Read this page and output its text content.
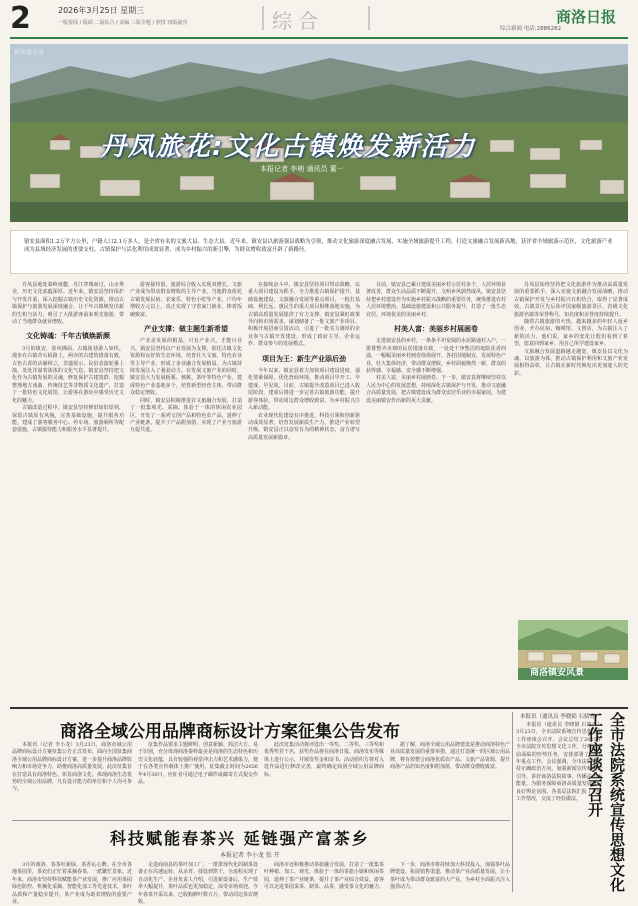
2	2026年3月25日 星期三
一版要闻 / 版面 二版综合 / 责编 三版专题 / 照排 四版副刊	综合	综合新闻 电话:2886282
商洛日报
镇安县全景
丹凤旅花:文化古镇焕发新活力
本报记者 李萌 通讯员 董一
镇安县面积1.2万平方公里，户籍人口2.1万多人，是全省有名的文旅大县、生态大县。近年来，镇安县以旅游强县战略为引领，推动文化旅游深度融合发展，实施全域旅游提升工程，打造文旅融合发展新高地，获评省全域旅游示范区，文化旅游产业成为县域经济发展的重要支柱。古镇保护与活化利用成效显著，成为乡村振兴的新引擎，为群众增收致富开辟了新路径。

丹凤县地处秦岭南麓，丹江穿城而过，山水秀美，历史文化底蕴深厚。近年来，镇安县坚持保护与开发并重，深入挖掘古镇历史文化资源，推动古镇保护与旅游发展深度融合，让千年古镇焕发出新的生机与活力，吸引了大批游客前来观光旅游，带动了当地群众就业增收。

文化铸魂：千年古镇焕新颜

3月的镇安，春风拂面，古镇街巷游人如织。漫步在古镇青石板路上，两旁的古建筑错落有致，古色古香的店铺林立，非遗展示、民俗表演轮番上演，处处洋溢着浓浓的文化气息。镇安县坚持把文化作为古镇发展的灵魂，修复保护古建筑群，挖掘整理地方戏曲、传统技艺等非物质文化遗产，打造了一批特色文化展馆，让游客在游玩中感受历史文化的魅力。

古镇改造过程中，镇安县坚持修旧如旧原则，保留古镇原有风貌，完善基础设施，提升服务功能，建成了游客服务中心、停车场、旅游厕所等配套设施，古镇接待能力和服务水平显著提升。

游客接待量、旅游综合收入实现双增长，文旅产业成为带动群众增收的主导产业。当地群众依托古镇发展民宿、农家乐、特色小吃等产业，户均年增收万元以上，真正实现了守着家门就业、捧着饭碗致富。

产业支撑：做主题生新希望

产业是发展的根基，只有产业兴，才能百业兴。镇安县坚持以产业发展为支撑，依托古镇文化资源和良好的生态环境，培育壮大文旅、特色农业等主导产业，形成了多业融合发展格局，为古镇持续发展注入了强劲动力。在发展文旅产业的同时，镇安县大力发展板栗、核桃、茶叶等特色产业，建成特色产业基地多个，培育新型经营主体，带动群众稳定增收。

同时，镇安县积极推进农文旅融合发展，打造了一批集观光、采摘、体验于一体的休闲农业园区，开发了一系列文创产品和特色农产品，延伸了产业链条，提升了产品附加值，实现了产业与旅游互促共进。

在接续奋斗中，镇安县坚持项目带动战略，以重大项目建设为抓手，全力推进古镇保护提升、基础设施建设、文旅融合发展等重点项目，一批打基础、利长远、惠民生的重大项目相继落地实施，为古镇高质量发展提供了有力支撑。镇安县紧盯政策导向和市场需求，谋划储备了一批文旅产业项目，积极开展招商引资活动，引进了一批实力雄厚的企业参与古镇开发建设，形成了政府主导、企业运作、群众参与的发展模式。

项目为王：新生产业添后劲

今年以来，镇安县着力加快项目建设进度，强化要素保障，优化营商环境，推动项目早开工、早建成、早见效。目前，古镇提升改造项目已进入收尾阶段，建成后将进一步完善古镇旅游功能，提升游客体验，带动周边群众增收致富，为乡村振兴注入新动能。

农业现代化建设有序推进，科技引领和创新驱动成效显著，培育发展新质生产力，推进产业转型升级，镇安县正以奋发有为的精神状态，奋力谱写高质量发展新篇章。

目前，镇安县已累计建成美丽乡村示范村多个，人居环境显著改善，群众生活品质不断提升，文明乡风蔚然成风。镇安县坚持把乡村建设作为实施乡村振兴战略的重要任务，统筹推进农村人居环境整治、基础设施建设和公共服务提升，打造了一批生态宜居、环境优美的美丽乡村。

村美人富：美丽乡村展画卷

走进镇安县的乡村，一条条平坦宽阔的水泥路通村入户，一排排整齐美观的民居错落有致，一处处干净整洁的庭院花香四溢，一幅幅美丽乡村画卷徐徐展开。各村因地制宜，发展特色产业，壮大集体经济，带动群众增收，乡村面貌焕然一新，群众的获得感、幸福感、安全感不断增强。

村美人富，美丽乡村展画卷。下一步，镇安县将继续坚持以人民为中心的发展思想，持续深化古镇保护与开发，推动文旅融合高质量发展，把古镇建设成为群众安居乐业的幸福家园，为建设美丽镇安作出新的更大贡献。

丹凤县始终坚持把文化旅游作为推动高质量发展的重要抓手，深入实施文旅融合发展战略，推动古镇保护开发与乡村振兴有机结合，取得了显著成效。古镇景区先后获评国家级旅游景区、省级文化旅游名镇等荣誉称号，知名度和美誉度持续提升。

随着古镇旅游的火热，越来越多的年轻人返乡创业，开办民宿、咖啡馆、文创店，为古镇注入了新的活力。他们说，家乡的变化让他们看到了希望，愿意回到家乡，用自己所学建设家乡。

文旅融合发展道路越走越宽，镇安县以文化为魂、以旅游为体，推动古镇保护利用和文旅产业发展相得益彰，让古镇在新时代焕发出更加迷人的光彩。

商洛镇安风景
商洛全域公用品牌商标设计方案征集公告发布
本报讯（通讯员 李晓娟 石婧青）

本报讯（记者 李小龙）3月23日，商洛市域公用品牌商标设计方案征集公告正式发布，面向全国征集商洛全域公用品牌商标设计方案，进一步提升商洛品牌影响力和市场竞争力，助推商洛高质量发展。此次征集旨在打造具有商洛特色、彰显商洛文化、体现商洛生态优势的全域公用品牌，凡有设计能力的单位和个人均可参与。

征集作品要求主题鲜明、创意新颖、简洁大方、易于识别，充分体现商洛秦岭最美是商洛的生态特色和历史文化底蕴，具有较强的视觉冲击力和艺术感染力，便于在各类宣传载体上推广使用。征集截止时间为2026年4月30日，应征者可通过电子邮件或邮寄方式提交作品。

此次征集活动将评选出一等奖、二等奖、三等奖和优秀奖若干名，获奖作品将在商洛日报、商洛发布等媒体上进行公示，并颁发奖金和证书。活动组织方将对入选作品进行修改完善，最终确定商洛全域公用品牌商标。

据了解，商洛全域公用品牌建设是推动商洛特色产业高质量发展的重要举措，通过打造统一的区域公用品牌，将有效整合商洛优质农产品、文旅产品资源，提升商洛产品的知名度和附加值，带动群众增收致富。	全市法院系统宣传思想文化工作座谈会召开

本报讯（通讯员 李晓娟 石婧青）3月23日，全市法院系统宣传思想文化工作座谈会召开。会议总结了2025年全市法院宣传思想文化工作，分析了当前面临的形势任务，安排部署了2026年重点工作。会议强调，全市法院要坚持正确政治方向，加强新闻宣传和舆论引导，讲好商洛法院故事，传播法治正能量，为服务保障商洛高质量发展营造良好舆论氛围。各基层法院汇报了宣传工作情况，交流了经验做法。

科技赋能春茶兴 延链强产富茶乡
本报记者 李小龙 张 开

3月的商洛，春茶吐新绿，茶香沁心脾。在全市各地茶园里，茶农们正忙着采摘春茶，一派繁忙景象。近年来，商洛市坚持科技赋能茶产业发展，推广应用茶园绿色防控、机械化采摘、智能化加工等先进技术，茶叶品质和产量稳步提升，茶产业成为助农增收的重要产业。

走进商南县的茶叶加工厂，一排排现代化的制茶设备正在高速运转，从杀青、揉捻到烘干，全流程实现了自动化生产。企业负责人介绍，引进新设备后，生产效率大幅提升，茶叶品质也更加稳定，深受市场欢迎。今年春茶开采以来，已收购鲜叶数万斤，带动周边茶农增收。

商洛市还积极推动茶旅融合发展，打造了一批集茶叶种植、加工、观光、体验于一体的茶旅小镇和休闲茶园，延伸了茶产业链条，提升了茶产业综合效益。游客可以走进茶园采茶、制茶、品茶，感受茶文化的魅力。

下一步，商洛市将持续加大科技投入，加强茶叶品牌建设，拓展销售渠道，推动茶产业高质量发展，让小茶叶成为带动群众致富的大产业，为乡村全面振兴注入强劲动力。
